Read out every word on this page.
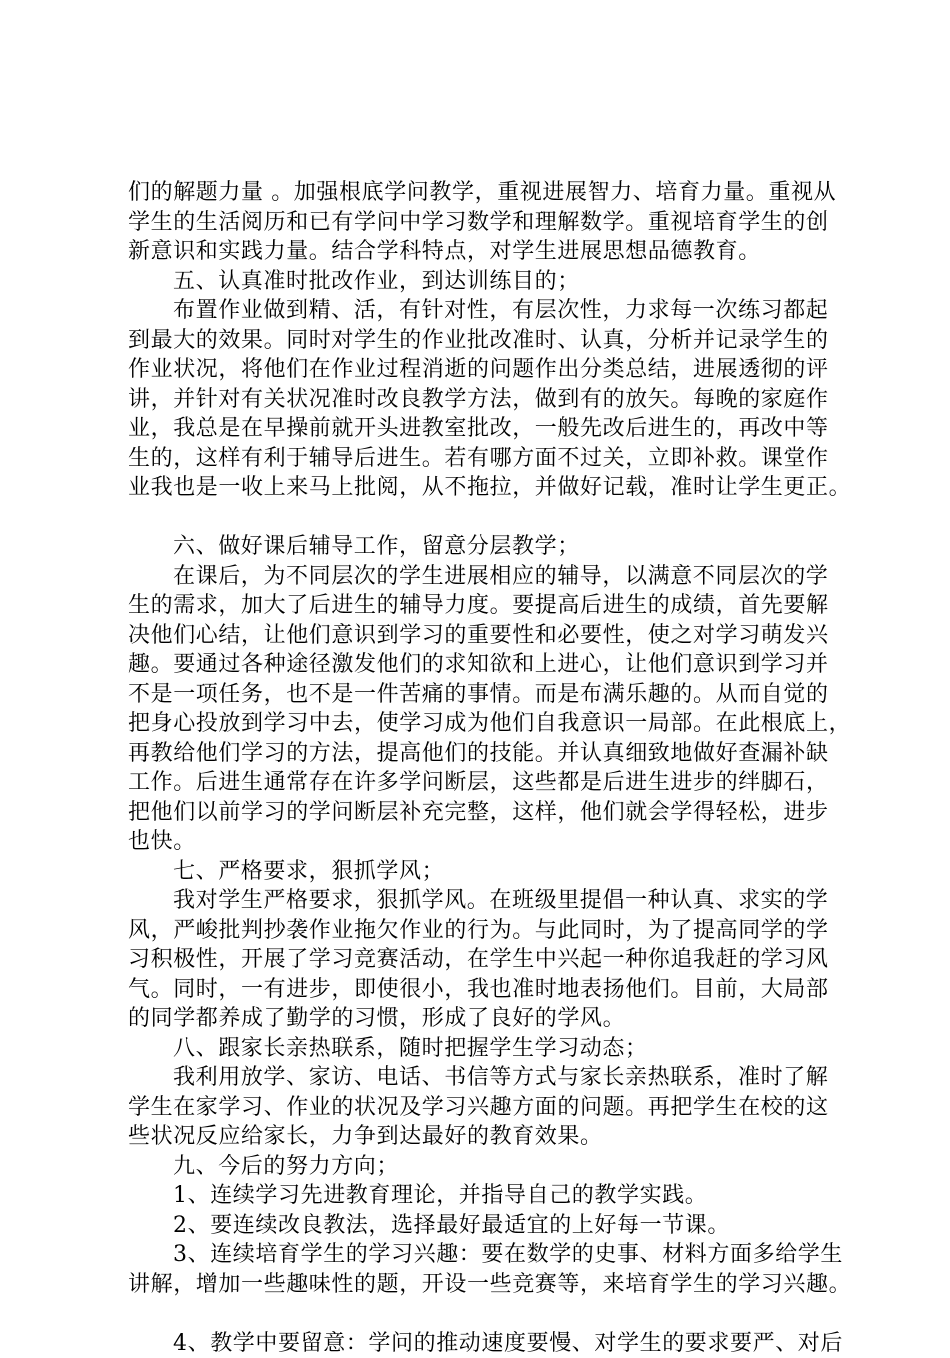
们的解题力量 。加强根底学问教学，重视进展智力、培育力量。重视从
学生的生活阅历和已有学问中学习数学和理解数学。重视培育学生的创
新意识和实践力量。结合学科特点，对学生进展思想品德教育。
五、认真准时批改作业，到达训练目的；
布置作业做到精、活，有针对性，有层次性，力求每一次练习都起
到最大的效果。同时对学生的作业批改准时、认真，分析并记录学生的
作业状况，将他们在作业过程消逝的问题作出分类总结，进展透彻的评
讲，并针对有关状况准时改良教学方法，做到有的放矢。每晚的家庭作
业，我总是在早操前就开头进教室批改，一般先改后进生的，再改中等
生的，这样有利于辅导后进生。若有哪方面不过关，立即补救。课堂作
业我也是一收上来马上批阅，从不拖拉，并做好记载，准时让学生更正。
六、做好课后辅导工作，留意分层教学；
在课后，为不同层次的学生进展相应的辅导，以满意不同层次的学
生的需求，加大了后进生的辅导力度。要提高后进生的成绩，首先要解
决他们心结，让他们意识到学习的重要性和必要性，使之对学习萌发兴
趣。要通过各种途径激发他们的求知欲和上进心，让他们意识到学习并
不是一项任务，也不是一件苦痛的事情。而是布满乐趣的。从而自觉的
把身心投放到学习中去，使学习成为他们自我意识一局部。在此根底上，
再教给他们学习的方法，提高他们的技能。并认真细致地做好查漏补缺
工作。后进生通常存在许多学问断层，这些都是后进生进步的绊脚石，
把他们以前学习的学问断层补充完整，这样，他们就会学得轻松，进步
也快。
七、严格要求，狠抓学风；
我对学生严格要求，狠抓学风。在班级里提倡一种认真、求实的学
风，严峻批判抄袭作业拖欠作业的行为。与此同时，为了提高同学的学
习积极性，开展了学习竞赛活动，在学生中兴起一种你追我赶的学习风
气。同时，一有进步，即使很小，我也准时地表扬他们。目前，大局部
的同学都养成了勤学的习惯，形成了良好的学风。
八、跟家长亲热联系，随时把握学生学习动态；
我利用放学、家访、电话、书信等方式与家长亲热联系，准时了解
学生在家学习、作业的状况及学习兴趣方面的问题。再把学生在校的这
些状况反应给家长，力争到达最好的教育效果。
九、今后的努力方向；
1、连续学习先进教育理论，并指导自己的教学实践。
2、要连续改良教法，选择最好最适宜的上好每一节课。
3、连续培育学生的学习兴趣：要在数学的史事、材料方面多给学生
讲解，增加一些趣味性的题，开设一些竞赛等，来培育学生的学习兴趣。
4、教学中要留意：学问的推动速度要慢、对学生的要求要严、对后
